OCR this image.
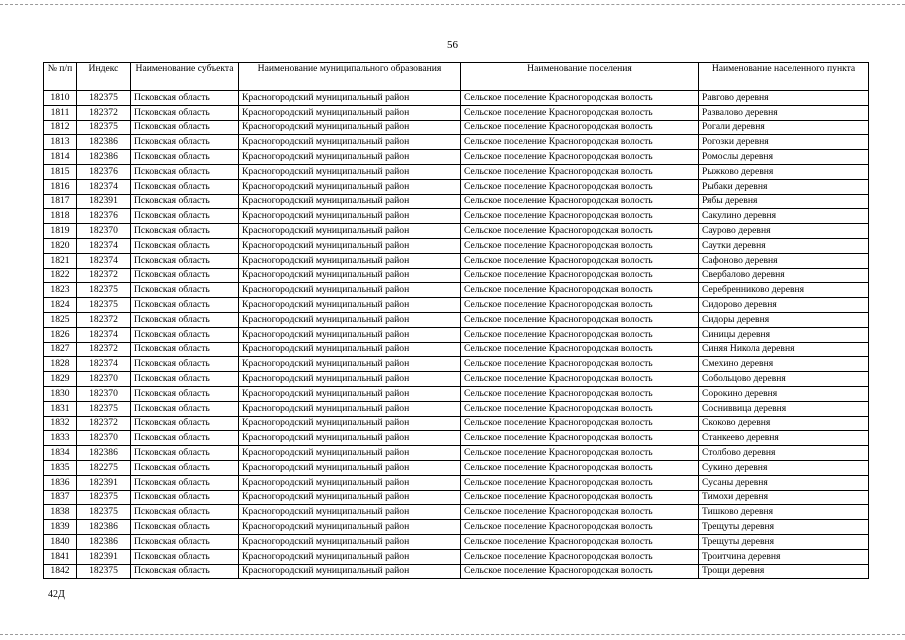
56
№ п/п	Индекс	Наименование субъекта	Наименование муниципального образования	Наименование поселения	Наименование населенного пункта
1810	182375	Псковская область	Красногородский муниципальный район	Сельское поселение Красногородская волость	Равгово деревня
1811	182372	Псковская область	Красногородский муниципальный район	Сельское поселение Красногородская волость	Развалово деревня
1812	182375	Псковская область	Красногородский муниципальный район	Сельское поселение Красногородская волость	Рогали деревня
1813	182386	Псковская область	Красногородский муниципальный район	Сельское поселение Красногородская волость	Рогозки деревня
1814	182386	Псковская область	Красногородский муниципальный район	Сельское поселение Красногородская волость	Ромослы деревня
1815	182376	Псковская область	Красногородский муниципальный район	Сельское поселение Красногородская волость	Рыжково деревня
1816	182374	Псковская область	Красногородский муниципальный район	Сельское поселение Красногородская волость	Рыбаки деревня
1817	182391	Псковская область	Красногородский муниципальный район	Сельское поселение Красногородская волость	Рябы деревня
1818	182376	Псковская область	Красногородский муниципальный район	Сельское поселение Красногородская волость	Сакулино деревня
1819	182370	Псковская область	Красногородский муниципальный район	Сельское поселение Красногородская волость	Саурово деревня
1820	182374	Псковская область	Красногородский муниципальный район	Сельское поселение Красногородская волость	Саутки деревня
1821	182374	Псковская область	Красногородский муниципальный район	Сельское поселение Красногородская волость	Сафоново деревня
1822	182372	Псковская область	Красногородский муниципальный район	Сельское поселение Красногородская волость	Свербалово деревня
1823	182375	Псковская область	Красногородский муниципальный район	Сельское поселение Красногородская волость	Серебренниково деревня
1824	182375	Псковская область	Красногородский муниципальный район	Сельское поселение Красногородская волость	Сидорово деревня
1825	182372	Псковская область	Красногородский муниципальный район	Сельское поселение Красногородская волость	Сидоры деревня
1826	182374	Псковская область	Красногородский муниципальный район	Сельское поселение Красногородская волость	Синицы деревня
1827	182372	Псковская область	Красногородский муниципальный район	Сельское поселение Красногородская волость	Синяя Никола деревня
1828	182374	Псковская область	Красногородский муниципальный район	Сельское поселение Красногородская волость	Смехино деревня
1829	182370	Псковская область	Красногородский муниципальный район	Сельское поселение Красногородская волость	Собольцово деревня
1830	182370	Псковская область	Красногородский муниципальный район	Сельское поселение Красногородская волость	Сорокино деревня
1831	182375	Псковская область	Красногородский муниципальный район	Сельское поселение Красногородская волость	Сосниввица деревня
1832	182372	Псковская область	Красногородский муниципальный район	Сельское поселение Красногородская волость	Скоково деревня
1833	182370	Псковская область	Красногородский муниципальный район	Сельское поселение Красногородская волость	Станкеево деревня
1834	182386	Псковская область	Красногородский муниципальный район	Сельское поселение Красногородская волость	Столбово деревня
1835	182275	Псковская область	Красногородский муниципальный район	Сельское поселение Красногородская волость	Сукино деревня
1836	182391	Псковская область	Красногородский муниципальный район	Сельское поселение Красногородская волость	Сусаны деревня
1837	182375	Псковская область	Красногородский муниципальный район	Сельское поселение Красногородская волость	Тимохи деревня
1838	182375	Псковская область	Красногородский муниципальный район	Сельское поселение Красногородская волость	Тишково деревня
1839	182386	Псковская область	Красногородский муниципальный район	Сельское поселение Красногородская волость	Трещуты деревня
1840	182386	Псковская область	Красногородский муниципальный район	Сельское поселение Красногородская волость	Трещуты деревня
1841	182391	Псковская область	Красногородский муниципальный район	Сельское поселение Красногородская волость	Троитчина деревня
1842	182375	Псковская область	Красногородский муниципальный район	Сельское поселение Красногородская волость	Трощи деревня
42Д
